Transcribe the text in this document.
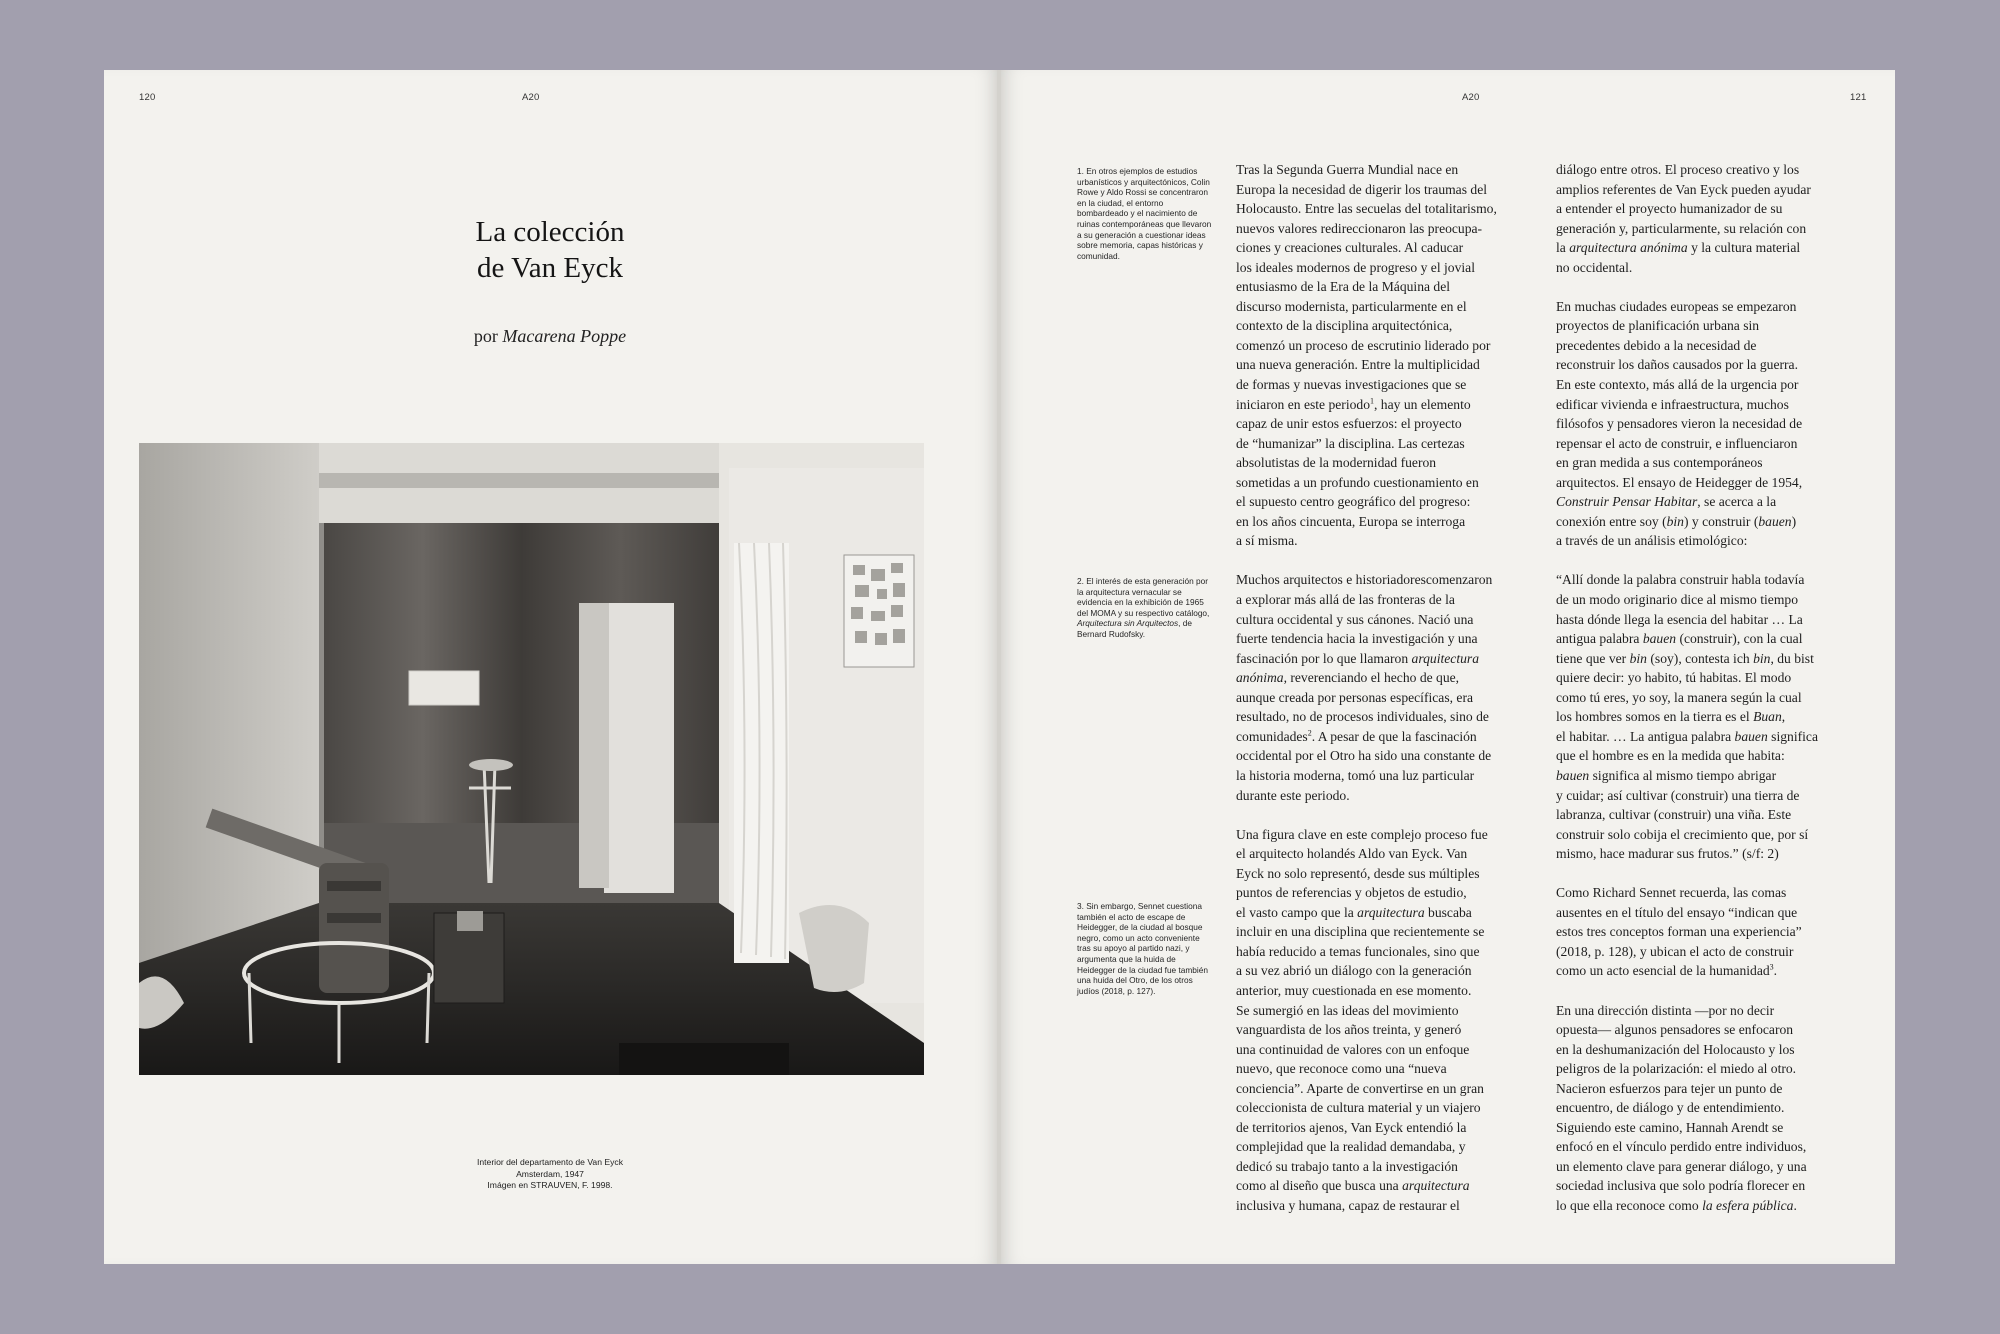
120	A20
La colección
de Van Eyck
por Macarena Poppe
Interior del departamento de Van Eyck
Amsterdam, 1947
Imágen en STRAUVEN, F. 1998.
A20	121
1. En otros ejemplos de estudios urbanísticos y arquitectónicos, Colin Rowe y Aldo Rossi se concentraron en la ciudad, el entorno bombardeado y el nacimiento de ruinas contemporáneas que llevaron a su generación a cuestionar ideas sobre memoria, capas históricas y comunidad.
2. El interés de esta generación por la arquitectura vernacular se evidencia en la exhibición de 1965 del MOMA y su respectivo catálogo, Arquitectura sin Arquitectos, de Bernard Rudofsky.
3. Sin embargo, Sennet cuestiona también el acto de escape de Heidegger, de la ciudad al bosque negro, como un acto conveniente tras su apoyo al partido nazi, y argumenta que la huida de Heidegger de la ciudad fue también una huida del Otro, de los otros judíos (2018, p. 127).

Tras la Segunda Guerra Mundial nace en
Europa la necesidad de digerir los traumas del
Holocausto. Entre las secuelas del totalitarismo,
nuevos valores redireccionaron las preocupa-
ciones y creaciones culturales. Al caducar
los ideales modernos de progreso y el jovial
entusiasmo de la Era de la Máquina del
discurso modernista, particularmente en el
contexto de la disciplina arquitectónica,
comenzó un proceso de escrutinio liderado por
una nueva generación. Entre la multiplicidad
de formas y nuevas investigaciones que se
iniciaron en este periodo$^1$, hay un elemento
capaz de unir estos esfuerzos: el proyecto
de “humanizar” la disciplina. Las certezas
absolutistas de la modernidad fueron
sometidas a un profundo cuestionamiento en
el supuesto centro geográfico del progreso:
en los años cincuenta, Europa se interroga
a sí misma.

Muchos arquitectos e historiadorescomenzaron
a explorar más allá de las fronteras de la
cultura occidental y sus cánones. Nació una
fuerte tendencia hacia la investigación y una
fascinación por lo que llamaron arquitectura
anónima, reverenciando el hecho de que,
aunque creada por personas específicas, era
resultado, no de procesos individuales, sino de
comunidades$^2$. A pesar de que la fascinación
occidental por el Otro ha sido una constante de
la historia moderna, tomó una luz particular
durante este periodo.

Una figura clave en este complejo proceso fue
el arquitecto holandés Aldo van Eyck. Van
Eyck no solo representó, desde sus múltiples
puntos de referencias y objetos de estudio,
el vasto campo que la arquitectura buscaba
incluir en una disciplina que recientemente se
había reducido a temas funcionales, sino que
a su vez abrió un diálogo con la generación
anterior, muy cuestionada en ese momento.
Se sumergió en las ideas del movimiento
vanguardista de los años treinta, y generó
una continuidad de valores con un enfoque
nuevo, que reconoce como una “nueva
conciencia”. Aparte de convertirse en un gran
coleccionista de cultura material y un viajero
de territorios ajenos, Van Eyck entendió la
complejidad que la realidad demandaba, y
dedicó su trabajo tanto a la investigación
como al diseño que busca una arquitectura
inclusiva y humana, capaz de restaurar el

diálogo entre otros. El proceso creativo y los
amplios referentes de Van Eyck pueden ayudar
a entender el proyecto humanizador de su
generación y, particularmente, su relación con
la arquitectura anónima y la cultura material
no occidental.

En muchas ciudades europeas se empezaron
proyectos de planificación urbana sin
precedentes debido a la necesidad de
reconstruir los daños causados por la guerra.
En este contexto, más allá de la urgencia por
edificar vivienda e infraestructura, muchos
filósofos y pensadores vieron la necesidad de
repensar el acto de construir, e influenciaron
en gran medida a sus contemporáneos
arquitectos. El ensayo de Heidegger de 1954,
Construir Pensar Habitar, se acerca a la
conexión entre soy (bin) y construir (bauen)
a través de un análisis etimológico:

“Allí donde la palabra construir habla todavía
de un modo originario dice al mismo tiempo
hasta dónde llega la esencia del habitar … La
antigua palabra bauen (construir), con la cual
tiene que ver bin (soy), contesta ich bin, du bist
quiere decir: yo habito, tú habitas. El modo
como tú eres, yo soy, la manera según la cual
los hombres somos en la tierra es el Buan,
el habitar. … La antigua palabra bauen significa
que el hombre es en la medida que habita:
bauen significa al mismo tiempo abrigar
y cuidar; así cultivar (construir) una tierra de
labranza, cultivar (construir) una viña. Este
construir solo cobija el crecimiento que, por sí
mismo, hace madurar sus frutos.” (s/f: 2)

Como Richard Sennet recuerda, las comas
ausentes en el título del ensayo “indican que
estos tres conceptos forman una experiencia”
(2018, p. 128), y ubican el acto de construir
como un acto esencial de la humanidad$^3$.

En una dirección distinta —por no decir
opuesta— algunos pensadores se enfocaron
en la deshumanización del Holocausto y los
peligros de la polarización: el miedo al otro.
Nacieron esfuerzos para tejer un punto de
encuentro, de diálogo y de entendimiento.
Siguiendo este camino, Hannah Arendt se
enfocó en el vínculo perdido entre individuos,
un elemento clave para generar diálogo, y una
sociedad inclusiva que solo podría florecer en
lo que ella reconoce como la esfera pública.
